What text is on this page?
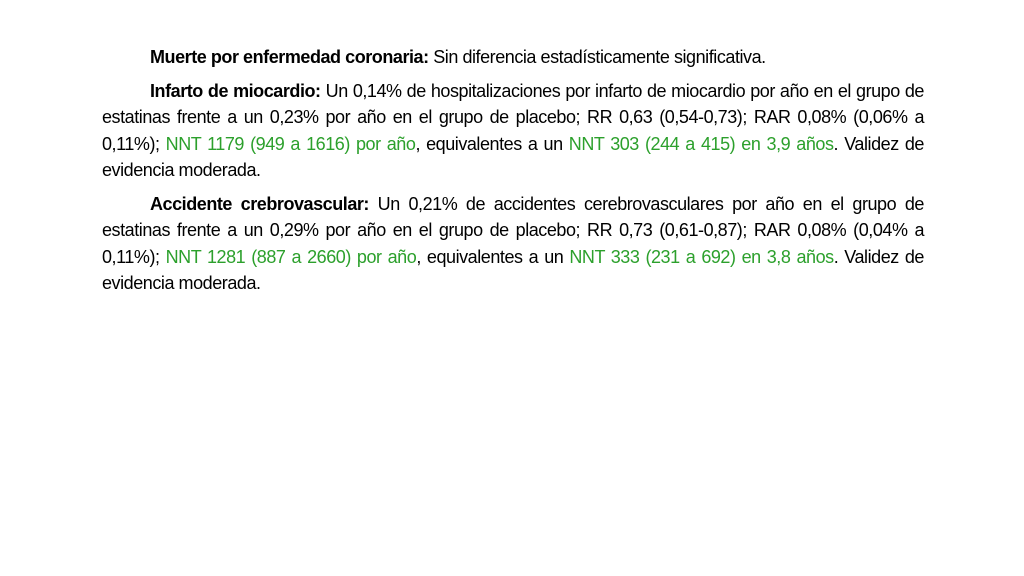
Muerte por enfermedad coronaria: Sin diferencia estadísticamente significativa.

Infarto de miocardio: Un 0,14% de hospitalizaciones por infarto de miocardio por año en el grupo de estatinas frente a un 0,23% por año en el grupo de placebo; RR 0,63 (0,54-0,73); RAR 0,08% (0,06% a 0,11%); NNT 1179 (949 a 1616) por año, equivalentes a un NNT 303 (244 a 415) en 3,9 años. Validez de evidencia moderada.

Accidente crebrovascular: Un 0,21% de accidentes cerebrovasculares por año en el grupo de estatinas frente a un 0,29% por año en el grupo de placebo; RR 0,73 (0,61-0,87); RAR 0,08% (0,04% a 0,11%); NNT 1281 (887 a 2660) por año, equivalentes a un NNT 333 (231 a 692) en 3,8 años. Validez de evidencia moderada.
